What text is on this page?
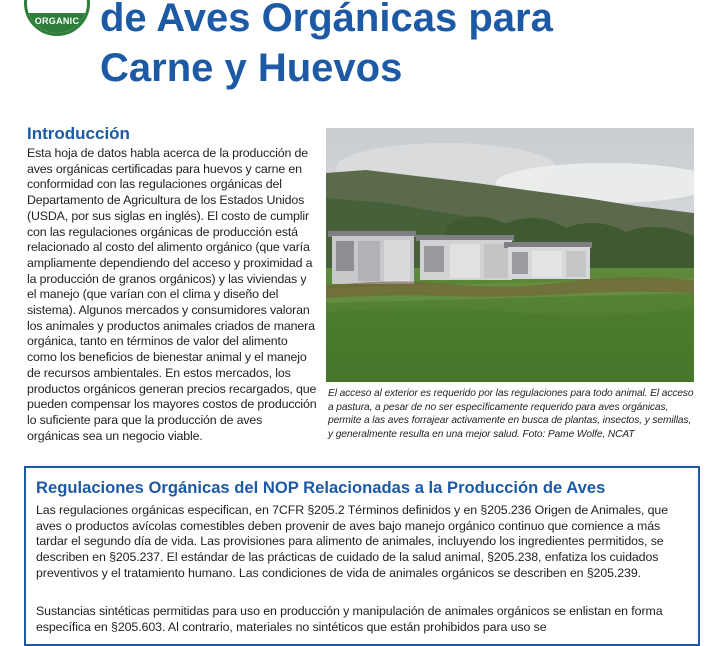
ORGANIC de Aves Orgánicas para
Carne y Huevos
Introducción

Esta hoja de datos habla acerca de la producción de aves orgánicas certificadas para huevos y carne en conformidad con las regulaciones orgánicas del Departamento de Agricultura de los Estados Unidos (USDA, por sus siglas en inglés). El costo de cumplir con las regulaciones orgánicas de producción está relacionado al costo del alimento orgánico (que varía ampliamente dependiendo del acceso y proximidad a la producción de granos orgánicos) y las viviendas y el manejo (que varían con el clima y diseño del sistema). Algunos mercados y consumidores valoran los animales y productos animales criados de manera orgánica, tanto en términos de valor del alimento como los beneficios de bienestar animal y el manejo de recursos ambientales. En estos mercados, los productos orgánicos generan precios recargados, que pueden compensar los mayores costos de producción lo suficiente para que la producción de aves orgánicas sea un negocio viable.

El acceso al exterior es requerido por las regulaciones para todo animal. El acceso a pastura, a pesar de no ser específicamente requerido para aves orgánicas, permite a las aves forrajear activamente en busca de plantas, insectos, y semillas, y generalmente resulta en una mejor salud. Foto: Pame Wolfe, NCAT

Regulaciones Orgánicas del NOP Relacionadas a la Producción de Aves

Las regulaciones orgánicas especifican, en 7CFR §205.2 Términos definidos y en §205.236 Origen de Animales, que aves o productos avícolas comestibles deben provenir de aves bajo manejo orgánico continuo que comience a más tardar el segundo día de vida. Las provisiones para alimento de animales, incluyendo los ingredientes permitidos, se describen en §205.237. El estándar de las prácticas de cuidado de la salud animal, §205.238, enfatiza los cuidados preventivos y el tratamiento humano. Las condiciones de vida de animales orgánicos se describen en §205.239.

Sustancias sintéticas permitidas para uso en producción y manipulación de animales orgánicos se enlistan en forma específica en §205.603. Al contrario, materiales no sintéticos que están prohibidos para uso se
